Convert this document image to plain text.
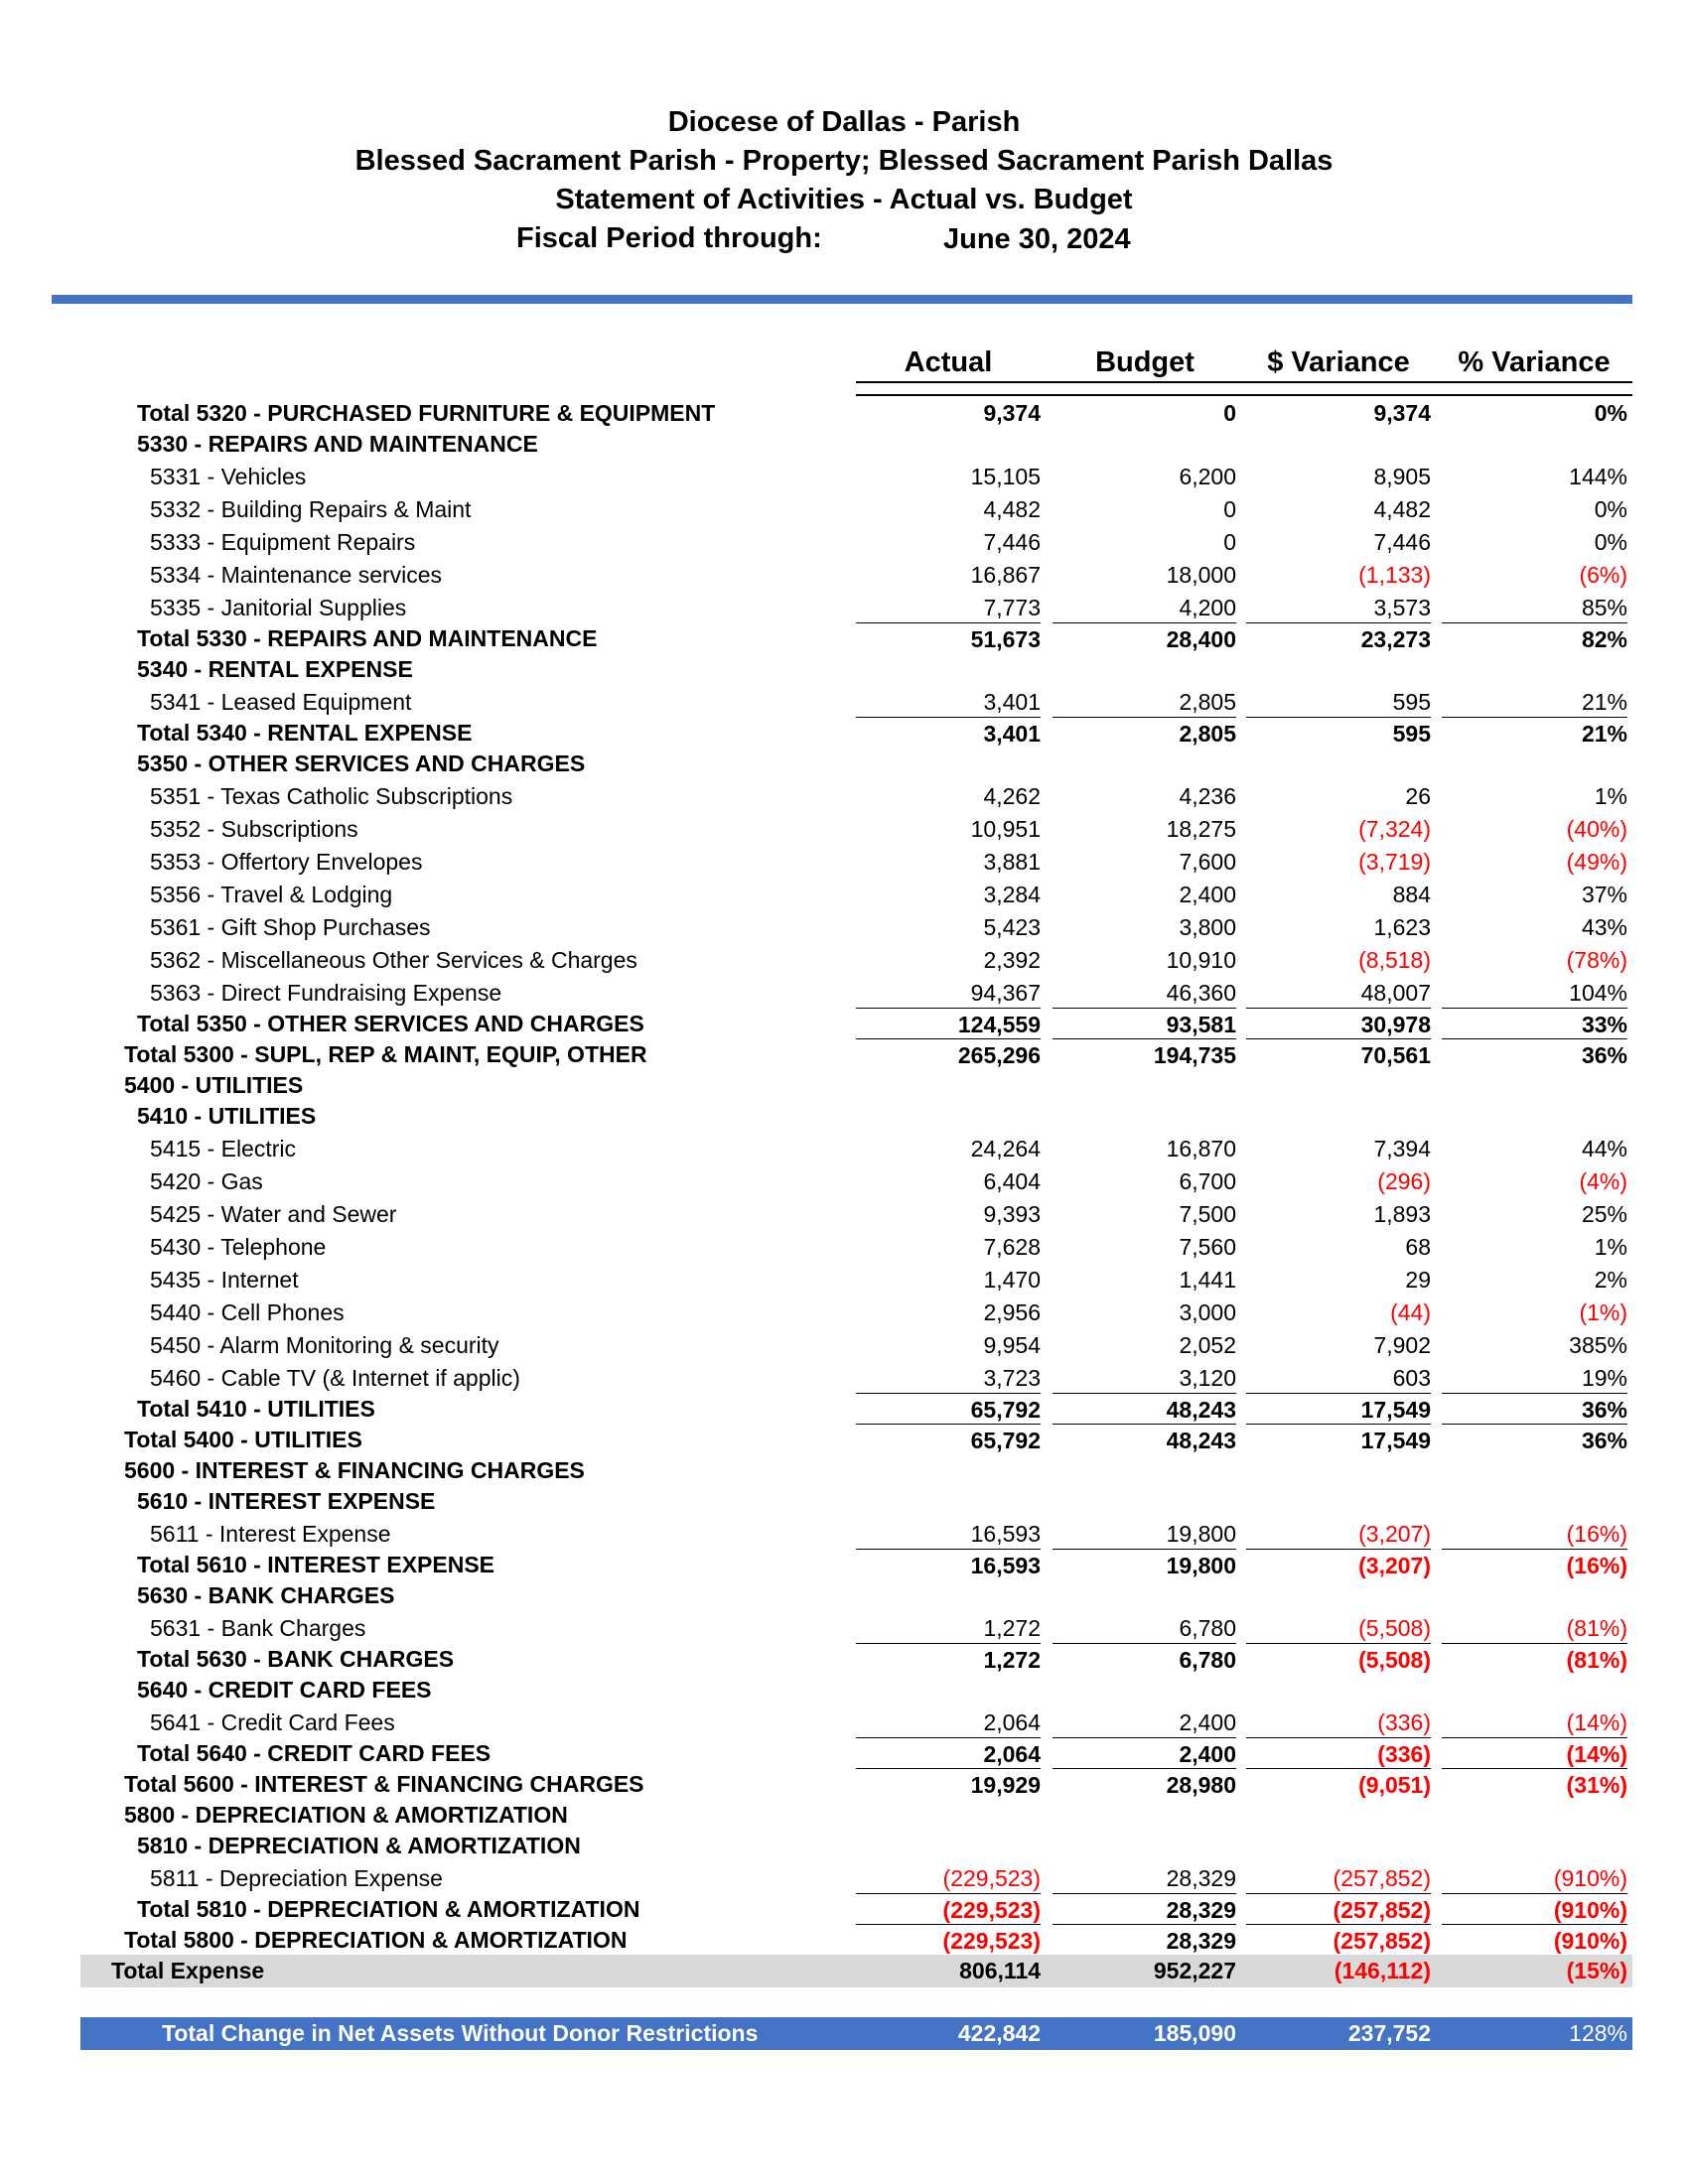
Diocese of Dallas - Parish
Blessed Sacrament Parish - Property; Blessed Sacrament Parish Dallas
Statement of Activities - Actual vs. Budget
Fiscal Period through:	June 30, 2024
Actual	Budget	$ Variance	% Variance
Total 5320 - PURCHASED FURNITURE & EQUIPMENT	9,374	0	9,374	0%
5330 - REPAIRS AND MAINTENANCE
5331 - Vehicles	15,105	6,200	8,905	144%
5332 - Building Repairs & Maint	4,482	0	4,482	0%
5333 - Equipment Repairs	7,446	0	7,446	0%
5334 - Maintenance services	16,867	18,000	(1,133)	(6%)
5335 - Janitorial Supplies	7,773	4,200	3,573	85%
Total 5330 - REPAIRS AND MAINTENANCE	51,673	28,400	23,273	82%
5340 - RENTAL EXPENSE
5341 - Leased Equipment	3,401	2,805	595	21%
Total 5340 - RENTAL EXPENSE	3,401	2,805	595	21%
5350 - OTHER SERVICES AND CHARGES
5351 - Texas Catholic Subscriptions	4,262	4,236	26	1%
5352 - Subscriptions	10,951	18,275	(7,324)	(40%)
5353 - Offertory Envelopes	3,881	7,600	(3,719)	(49%)
5356 - Travel & Lodging	3,284	2,400	884	37%
5361 - Gift Shop Purchases	5,423	3,800	1,623	43%
5362 - Miscellaneous Other Services & Charges	2,392	10,910	(8,518)	(78%)
5363 - Direct Fundraising Expense	94,367	46,360	48,007	104%
Total 5350 - OTHER SERVICES AND CHARGES	124,559	93,581	30,978	33%
Total 5300 - SUPL, REP & MAINT, EQUIP, OTHER	265,296	194,735	70,561	36%
5400 - UTILITIES
5410 - UTILITIES
5415 - Electric	24,264	16,870	7,394	44%
5420 - Gas	6,404	6,700	(296)	(4%)
5425 - Water and Sewer	9,393	7,500	1,893	25%
5430 - Telephone	7,628	7,560	68	1%
5435 - Internet	1,470	1,441	29	2%
5440 - Cell Phones	2,956	3,000	(44)	(1%)
5450 - Alarm Monitoring & security	9,954	2,052	7,902	385%
5460 - Cable TV (& Internet if applic)	3,723	3,120	603	19%
Total 5410 - UTILITIES	65,792	48,243	17,549	36%
Total 5400 - UTILITIES	65,792	48,243	17,549	36%
5600 - INTEREST & FINANCING CHARGES
5610 - INTEREST EXPENSE
5611 - Interest Expense	16,593	19,800	(3,207)	(16%)
Total 5610 - INTEREST EXPENSE	16,593	19,800	(3,207)	(16%)
5630 - BANK CHARGES
5631 - Bank Charges	1,272	6,780	(5,508)	(81%)
Total 5630 - BANK CHARGES	1,272	6,780	(5,508)	(81%)
5640 - CREDIT CARD FEES
5641 - Credit Card Fees	2,064	2,400	(336)	(14%)
Total 5640 - CREDIT CARD FEES	2,064	2,400	(336)	(14%)
Total 5600 - INTEREST & FINANCING CHARGES	19,929	28,980	(9,051)	(31%)
5800 - DEPRECIATION & AMORTIZATION
5810 - DEPRECIATION & AMORTIZATION
5811 - Depreciation Expense	(229,523)	28,329	(257,852)	(910%)
Total 5810 - DEPRECIATION & AMORTIZATION	(229,523)	28,329	(257,852)	(910%)
Total 5800 - DEPRECIATION & AMORTIZATION	(229,523)	28,329	(257,852)	(910%)
Total Expense	806,114	952,227	(146,112)	(15%)
Total Change in Net Assets Without Donor Restrictions	422,842	185,090	237,752	128%
